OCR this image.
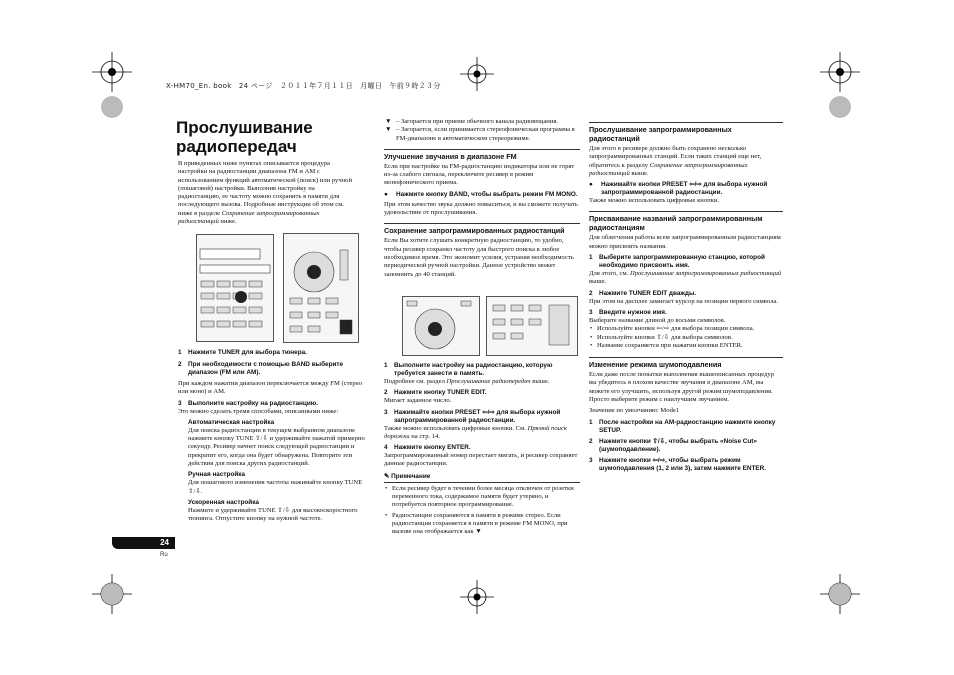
X-HM70_En. book　24 ページ　２０１１年７月１１日　月曜日　午前９時２３分
Прослушивание
радиопередач

В приведенных ниже пунктах описывается процедура настройки на радиостанции диапазона FM и AM с использованием функций автоматической (поиск) или ручной (пошаговой) настройки. Выполнив настройку на радиостанцию, ее частоту можно сохранить в памяти для последующего вызова. Подробные инструкции об этом см. ниже в разделе Сохранение запрограммированных радиостанций ниже.

1 Нажмите TUNER для выбора тюнера.
2 При необходимости с помощью BAND выберите диапазон (FM или AM).

При каждом нажатии диапазон переключается между FM (стерео или моно) и AM.

3 Выполните настройку на радиостанцию.

Это можно сделать тремя способами, описанными ниже:

Автоматическая настройка

Для поиска радиостанции в текущем выбранном диапазоне нажмите кнопку TUNE ⇧/⇩ и удерживайте нажатой примерно секунду. Ресивер начнет поиск следующей радиостанции и прекратит его, когда она будет обнаружена. Повторите эти действия для поиска других радиостанций.

Ручная настройка

Для пошагового изменения частоты нажимайте кнопку TUNE ⇧/⇩.

Ускоренная настройка

Нажмите и удерживайте TUNE ⇧/⇩ для высокоскоростного тюнинга. Отпустите кнопку на нужной частоте.

▼ – Загорается при приеме обычного канала радиовещания.
▼ – Загорается, если принимается стереофоническая программа в FM-диапазоне в автоматическом стереорежиме.
Улучшение звучания в диапазоне FM

Если при настройке на FM-радиостанцию индикаторы или не горят из-за слабого сигнала, переключите ресивер в режим монофонического приема.

● Нажмите кнопку BAND, чтобы выбрать режим FM MONO.

При этом качество звука должно повыситься, и вы сможете получать удовольствие от прослушивания.

Сохранение запрограммированных радиостанций

Если Вы хотите слушать конкретную радиостанцию, то удобно, чтобы ресивер сохранял частоту для быстрого поиска в любое необходимое время. Это экономит усилия, устраняя необходимость периодической ручной настройки. Данное устройство может запомнить до 40 станций.

1 Выполните настройку на радиостанцию, которую требуется занести в память.

Подробнее см. раздел Прослушивание радиопередач выше.

2 Нажмите кнопку TUNER EDIT.

Мигает заданное число.

3 Нажимайте кнопки PRESET ⇦/⇨ для выбора нужной запрограммированной радиостанции.

Также можно использовать цифровые кнопки. См. Прямой поиск дорожки на стр. 14.

4 Нажмите кнопку ENTER.

Запрограммированный номер перестает мигать, и ресивер сохраняет данные радиостанции.

✎ Примечание
• Если ресивер будет в течении более месяца отключен от розетки переменного тока, содержимое памяти будет утеряно, и потребуется повторное программирование.
• Радиостанции сохраняются в памяти в режиме стерео. Если радиостанция сохраняется в памяти в режиме FM MONO, при вызове она отображается как ▼
Прослушивание запрограммированных радиостанций

Для этого в ресивере должно быть сохранено несколько запрограммированных станций. Если таких станций еще нет, обратитесь к разделу Сохранение запрограммированных радиостанций выше.

● Нажимайте кнопки PRESET ⇦/⇨ для выбора нужной запрограммированной радиостанции.

Также можно использовать цифровые кнопки.

Присваивание названий запрограммированным радиостанциям

Для облегчения работы всем запрограммированным радиостанциям можно присвоить названия.

1 Выберите запрограммированную станцию, которой необходимо присвоить имя.

Для этого, см. Прослушивание запрограммированных радиостанций выше.

2 Нажмите TUNER EDIT дважды.

При этом на дисплее замигает курсор на позиции первого символа.

3 Введите нужное имя.

Выберите название длиной до восьми символов.

• Используйте кнопки ⇦/⇨ для выбора позиции символа.
• Используйте кнопки ⇧/⇩ для выбора символов.
• Название сохраняется при нажатии кнопки ENTER.
Изменение режима шумоподавления

Если даже после попытки выполнения вышеописанных процедур вы убедитесь в плохом качестве звучания в диапазоне AM, вы можете его улучшить, используя другой режим шумоподавления. Просто выберите режим с наилучшим звучанием.

Значение по умолчанию: Mode1

1 После настройки на AM-радиостанцию нажмите кнопку SETUP.
2 Нажмите кнопки ⇧/⇩, чтобы выбрать «Noise Cut» (шумоподавление).
3 Нажмите кнопки ⇦/⇨, чтобы выбрать режим шумоподавления (1, 2 или 3), затем нажмите ENTER.
24
Ru
